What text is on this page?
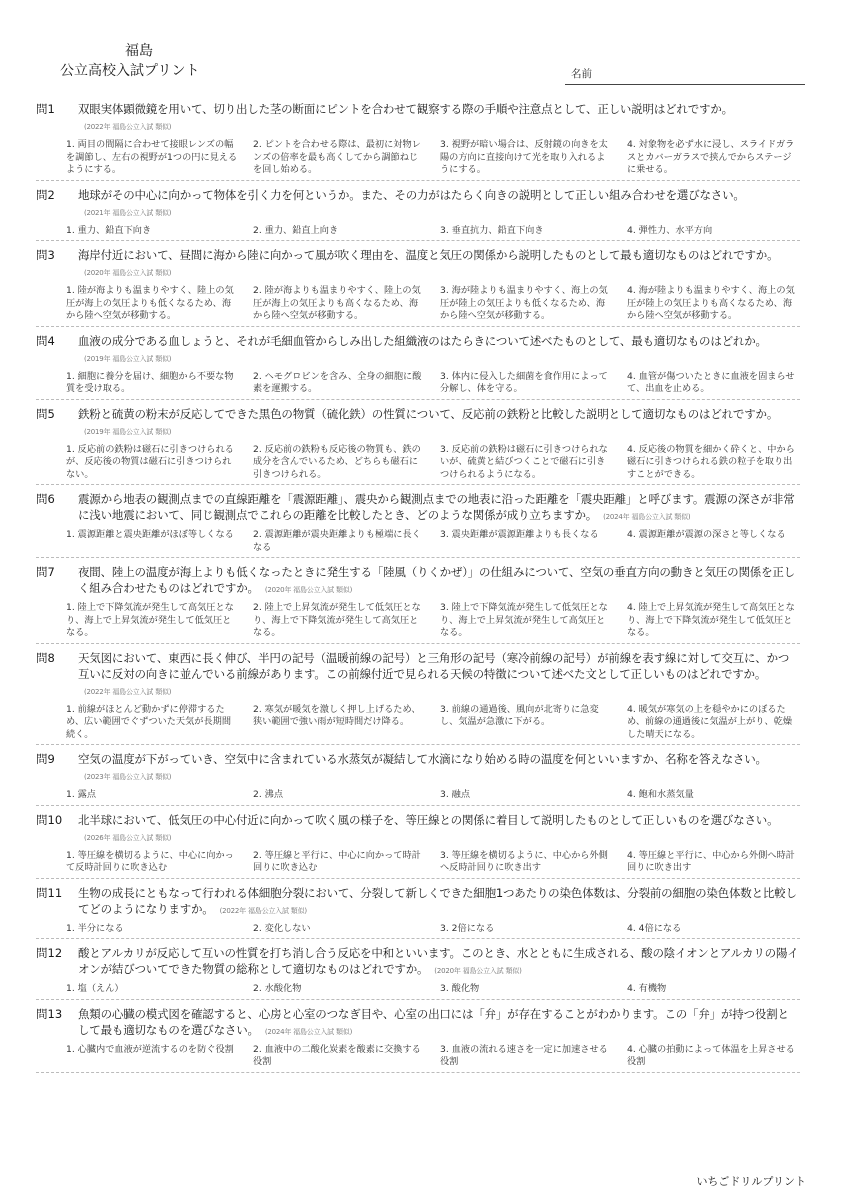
福島
公立高校入試プリント	名前
問1	双眼実体顕微鏡を用いて、切り出した茎の断面にピントを合わせて観察する際の手順や注意点として、正しい説明はどれですか。(2022年 福島公立入試 類似)
1. 両目の間隔に合わせて接眼レンズの幅を調節し、左右の視野が1つの円に見えるようにする。
2. ピントを合わせる際は、最初に対物レンズの倍率を最も高くしてから調節ねじを回し始める。
3. 視野が暗い場合は、反射鏡の向きを太陽の方向に直接向けて光を取り入れるようにする。
4. 対象物を必ず水に浸し、スライドガラスとカバーガラスで挟んでからステージに乗せる。
問2	地球がその中心に向かって物体を引く力を何というか。また、その力がはたらく向きの説明として正しい組み合わせを選びなさい。(2021年 福島公立入試 類似)
1. 重力、鉛直下向き	2. 重力、鉛直上向き	3. 垂直抗力、鉛直下向き	4. 弾性力、水平方向
問3	海岸付近において、昼間に海から陸に向かって風が吹く理由を、温度と気圧の関係から説明したものとして最も適切なものはどれですか。(2020年 福島公立入試 類似)
1. 陸が海よりも温まりやすく、陸上の気圧が海上の気圧よりも低くなるため、海から陸へ空気が移動する。
2. 陸が海よりも温まりやすく、陸上の気圧が海上の気圧よりも高くなるため、海から陸へ空気が移動する。
3. 海が陸よりも温まりやすく、海上の気圧が陸上の気圧よりも低くなるため、海から陸へ空気が移動する。
4. 海が陸よりも温まりやすく、海上の気圧が陸上の気圧よりも高くなるため、海から陸へ空気が移動する。
問4	血液の成分である血しょうと、それが毛細血管からしみ出した組織液のはたらきについて述べたものとして、最も適切なものはどれか。(2019年 福島公立入試 類似)
1. 細胞に養分を届け、細胞から不要な物質を受け取る。
2. ヘモグロビンを含み、全身の細胞に酸素を運搬する。
3. 体内に侵入した細菌を食作用によって分解し、体を守る。
4. 血管が傷ついたときに血液を固まらせて、出血を止める。
問5	鉄粉と硫黄の粉末が反応してできた黒色の物質（硫化鉄）の性質について、反応前の鉄粉と比較した説明として適切なものはどれですか。(2019年 福島公立入試 類似)
1. 反応前の鉄粉は磁石に引きつけられるが、反応後の物質は磁石に引きつけられない。
2. 反応前の鉄粉も反応後の物質も、鉄の成分を含んでいるため、どちらも磁石に引きつけられる。
3. 反応前の鉄粉は磁石に引きつけられないが、硫黄と結びつくことで磁石に引きつけられるようになる。
4. 反応後の物質を細かく砕くと、中から磁石に引きつけられる鉄の粒子を取り出すことができる。
問6	震源から地表の観測点までの直線距離を「震源距離」、震央から観測点までの地表に沿った距離を「震央距離」と呼びます。震源の深さが非常に浅い地震において、同じ観測点でこれらの距離を比較したとき、どのような関係が成り立ちますか。 (2024年 福島公立入試 類似)
1. 震源距離と震央距離がほぼ等しくなる	2. 震源距離が震央距離よりも極端に長くなる
3. 震央距離が震源距離よりも長くなる	4. 震源距離が震源の深さと等しくなる
問7	夜間、陸上の温度が海上よりも低くなったときに発生する「陸風（りくかぜ）」の仕組みについて、空気の垂直方向の動きと気圧の関係を正しく組み合わせたものはどれですか。 (2020年 福島公立入試 類似)
1. 陸上で下降気流が発生して高気圧となり、海上で上昇気流が発生して低気圧となる。
2. 陸上で上昇気流が発生して低気圧となり、海上で下降気流が発生して高気圧となる。
3. 陸上で下降気流が発生して低気圧となり、海上で上昇気流が発生して高気圧となる。
4. 陸上で上昇気流が発生して高気圧となり、海上で下降気流が発生して低気圧となる。
問8	天気図において、東西に長く伸び、半円の記号（温暖前線の記号）と三角形の記号（寒冷前線の記号）が前線を表す線に対して交互に、かつ互いに反対の向きに並んでいる前線があります。この前線付近で見られる天候の特徴について述べた文として正しいものはどれですか。(2022年 福島公立入試 類似)
1. 前線がほとんど動かずに停滞するため、広い範囲でぐずついた天気が長期間続く。
2. 寒気が暖気を激しく押し上げるため、狭い範囲で強い雨が短時間だけ降る。
3. 前線の通過後、風向が北寄りに急変し、気温が急激に下がる。
4. 暖気が寒気の上を穏やかにのぼるため、前線の通過後に気温が上がり、乾燥した晴天になる。
問9	空気の温度が下がっていき、空気中に含まれている水蒸気が凝結して水滴になり始める時の温度を何といいますか、名称を答えなさい。(2023年 福島公立入試 類似)
1. 露点	2. 沸点	3. 融点	4. 飽和水蒸気量
問10	北半球において、低気圧の中心付近に向かって吹く風の様子を、等圧線との関係に着目して説明したものとして正しいものを選びなさい。(2026年 福島公立入試 類似)
1. 等圧線を横切るように、中心に向かって反時計回りに吹き込む
2. 等圧線と平行に、中心に向かって時計回りに吹き込む
3. 等圧線を横切るように、中心から外側へ反時計回りに吹き出す
4. 等圧線と平行に、中心から外側へ時計回りに吹き出す
問11	生物の成長にともなって行われる体細胞分裂において、分裂して新しくできた細胞1つあたりの染色体数は、分裂前の細胞の染色体数と比較してどのようになりますか。 (2022年 福島公立入試 類似)
1. 半分になる	2. 変化しない	3. 2倍になる	4. 4倍になる
問12	酸とアルカリが反応して互いの性質を打ち消し合う反応を中和といいます。このとき、水とともに生成される、酸の陰イオンとアルカリの陽イオンが結びついてできた物質の総称として適切なものはどれですか。 (2020年 福島公立入試 類似)
1. 塩（えん）	2. 水酸化物	3. 酸化物	4. 有機物
問13	魚類の心臓の模式図を確認すると、心房と心室のつなぎ目や、心室の出口には「弁」が存在することがわかります。この「弁」が持つ役割として最も適切なものを選びなさい。 (2024年 福島公立入試 類似)
1. 心臓内で血液が逆流するのを防ぐ役割	2. 血液中の二酸化炭素を酸素に交換する役割
3. 血液の流れる速さを一定に加速させる役割
4. 心臓の拍動によって体温を上昇させる役割
いちごドリルプリント
